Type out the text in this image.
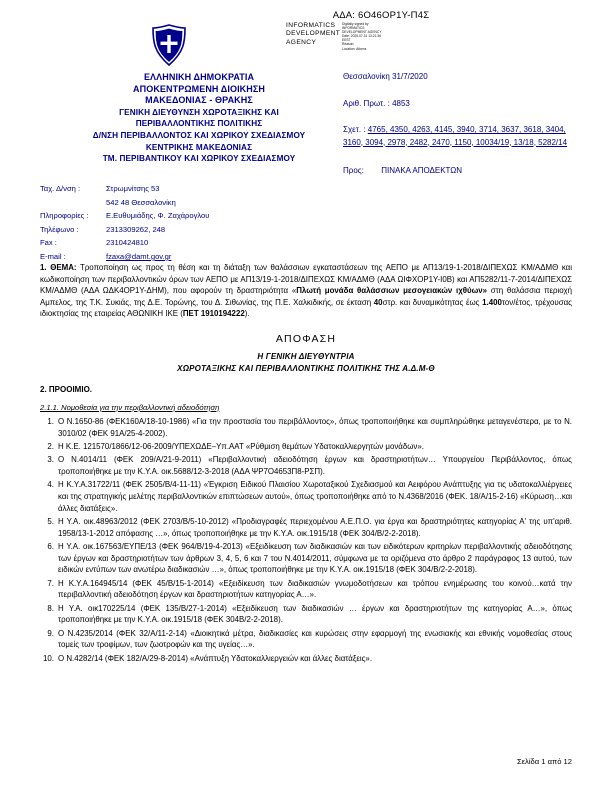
ΑΔΑ: 6Ο46ΟΡ1Υ-Π4Σ
INFORMATICS
DEVELOPMENT
AGENCY
Digitally signed by
INFORMATICS
DEVELOPMENT AGENCY
Date: 2020.07.31 13:21:36
EEST
Reason:
Location: Athens
ΕΛΛΗΝΙΚΗ ΔΗΜΟΚΡΑΤΙΑ
ΑΠΟΚΕΝΤΡΩΜΕΝΗ ΔΙΟΙΚΗΣΗ
ΜΑΚΕΔΟΝΙΑΣ - ΘΡΑΚΗΣ
ΓΕΝΙΚΗ ΔΙΕΥΘΥΝΣΗ ΧΩΡΟΤΑΞΙΚΗΣ ΚΑΙ
ΠΕΡΙΒΑΛΛΟΝΤΙΚΗΣ ΠΟΛΙΤΙΚΗΣ
Δ/ΝΣΗ ΠΕΡΙΒΑΛΛΟΝΤΟΣ ΚΑΙ ΧΩΡΙΚΟΥ ΣΧΕΔΙΑΣΜΟΥ
ΚΕΝΤΡΙΚΗΣ ΜΑΚΕΔΟΝΙΑΣ
ΤΜ. ΠΕΡΙΒΑΝΤΙΚΟΥ ΚΑΙ ΧΩΡΙΚΟΥ ΣΧΕΔΙΑΣΜΟΥ
Ταχ. Δ/νση :	Στρωμνίτσης 53
542 48 Θεσσαλονίκη
Πληροφορίες :	Ε.Ευθυμιάδης, Φ. Ζαχάρογλου
Τηλέφωνο :	2313309262, 248
Fax :	2310424810
E-mail :	fzaxa@damt.gov.gr
Θεσσαλονίκη 31/7/2020
Αριθ. Πρωτ. : 4853
Σχετ. : 4765, 4350, 4263, 4145, 3940, 3714, 3637, 3618, 3404, 3160, 3094, 2978, 2482, 2470, 1150, 10034/19, 13/18, 5282/14
Προς: ΠΙΝΑΚΑ ΑΠΟΔΕΚΤΩΝ
1. ΘΕΜΑ: Τροποποίηση ως προς τη θέση και τη διάταξη των θαλάσσιων εγκαταστάσεων της ΑΕΠΟ με ΑΠ13/19-1-2018/ΔΙΠΕΧΩΣ ΚΜ/ΑΔΜΘ και κωδικοποίηση των περιβαλλοντικών όρων των ΑΕΠΟ με ΑΠ13/19-1-2018/ΔΙΠΕΧΩΣ ΚΜ/ΑΔΜΘ (ΑΔΑ ΩΙΦΧΟΡ1Υ-Ι0Β) και ΑΠ5282/11-7-2014/ΔΙΠΕΧΩΣ ΚΜ/ΑΔΜΘ (ΑΔΑ ΩΔΚ4ΟΡ1Υ-ΔΗΜ), που αφορούν τη δραστηριότητα «Πλωτή μονάδα θαλάσσιων μεσογειακών ιχθύων» στη θαλάσσια περιοχή Αμπελος, της Τ.Κ. Συκιάς, της Δ.Ε. Τορώνης, του Δ. Σιθωνίας, της Π.Ε. Χαλκιδικής, σε έκταση 40στρ. και δυναμικότητας έως 1.400τον/έτος, τρέχουσας ιδιοκτησίας της εταιρείας ΑΘΩΝΙΚΗ ΙΚΕ (ΠΕΤ 1910194222).
ΑΠΟΦΑΣΗ
Η ΓΕΝΙΚΗ ΔΙΕΥΘΥΝΤΡΙΑ
ΧΩΡΟΤΑΞΙΚΗΣ ΚΑΙ ΠΕΡΙΒΑΛΛΟΝΤΙΚΗΣ ΠΟΛΙΤΙΚΗΣ ΤΗΣ Α.Δ.Μ-Θ
2. ΠΡΟΟΙΜΙΟ.
2.1.1. Νομοθεσία για την περιβαλλοντική αδειοδότηση
1. Ο Ν.1650-86 (ΦΕΚ160Α/18-10-1986) «Για την προστασία του περιβάλλοντος», όπως τροποποιήθηκε και συμπληρώθηκε μεταγενέστερα, με το Ν. 3010/02 (ΦΕΚ 91Α/25-4-2002).
2. Η Κ.Ε. 121570/1866/12-06-2009/ΥΠΕΧΩΔΕ–Υπ.ΑΑΤ «Ρύθμιση θεμάτων Υδατοκαλλιεργητών μονάδων».
3. Ο Ν.4014/11 (ΦΕΚ 209/Α/21-9-2011) «Περιβαλλοντική αδειοδότηση έργων και δραστηριοτήτων… Υπουργείου Περιβάλλοντος, όπως τροποποιήθηκε με την Κ.Υ.Α. οικ.5688/12-3-2018 (ΑΔΑ ΨΡ7Ο4653Π8-ΡΣΠ).
4. Η Κ.Υ.Α.31722/11 (ΦΕΚ 2505/Β/4-11-11) «Έγκριση Ειδικού Πλαισίου Χωροταξικού Σχεδιασμού και Αειφόρου Ανάπτυξης για τις υδατοκαλλιέργειες και της στρατηγικής μελέτης περιβαλλοντικών επιπτώσεων αυτού», όπως τροποποιήθηκε από το Ν.4368/2016 (ΦΕΚ. 18/Α/15-2-16) «Κύρωση…και άλλες διατάξεις».
5. Η Υ.Α. οικ.48963/2012 (ΦΕΚ 2703/Β/5-10-2012) «Προδιαγραφές περιεχομένου Α.Ε.Π.Ο. για έργα και δραστηριότητες κατηγορίας Α' της υπ'αριθ. 1958/13-1-2012 απόφασης …», όπως τροποποιήθηκε με την Κ.Υ.Α. οικ.1915/18 (ΦΕΚ 304/Β/2-2-2018).
6. Η Υ.Α. οικ.167563/ΕΥΠΕ/13 (ΦΕΚ 964/Β/19-4-2013) «Εξειδίκευση των διαδικασιών και των ειδικότερων κριτηρίων περιβαλλοντικής αδειοδότησης των έργων και δραστηριοτήτων των άρθρων 3, 4, 5, 6 και 7 του Ν.4014/2011, σύμφωνα με τα οριζόμενα στο άρθρο 2 παράγραφος 13 αυτού, των ειδικών εντύπων των ανωτέρω διαδικασιών …», όπως τροποποιήθηκε με την Κ.Υ.Α. οικ.1915/18 (ΦΕΚ 304/Β/2-2-2018).
7. Η Κ.Υ.Α.164945/14 (ΦΕΚ 45/Β/15-1-2014) «Εξειδίκευση των διαδικασιών γνωμοδοτήσεων και τρόπου ενημέρωσης του κοινού…κατά την περιβαλλοντική αδειοδότηση έργων και δραστηριοτήτων κατηγορίας Α…».
8. Η Υ.Α. οικ170225/14 (ΦΕΚ 135/Β/27-1-2014) «Εξειδίκευση των διαδικασιών … έργων και δραστηριοτήτων της κατηγορίας Α…», όπως τροποποιήθηκε με την Κ.Υ.Α. οικ.1915/18 (ΦΕΚ 304Β/2-2-2018).
9. Ο Ν.4235/2014 (ΦΕΚ 32/Α/11-2-14) «Διοικητικά μέτρα, διαδικασίες και κυρώσεις στην εφαρμογή της ενωσιακής και εθνικής νομοθεσίας στους τομείς των τροφίμων, των ζωοτροφών και της υγείας…».
10. Ο Ν.4282/14 (ΦΕΚ 182/Α/29-8-2014) «Ανάπτυξη Υδατοκαλλιεργειών και άλλες διατάξεις».
Σελίδα 1 από 12
